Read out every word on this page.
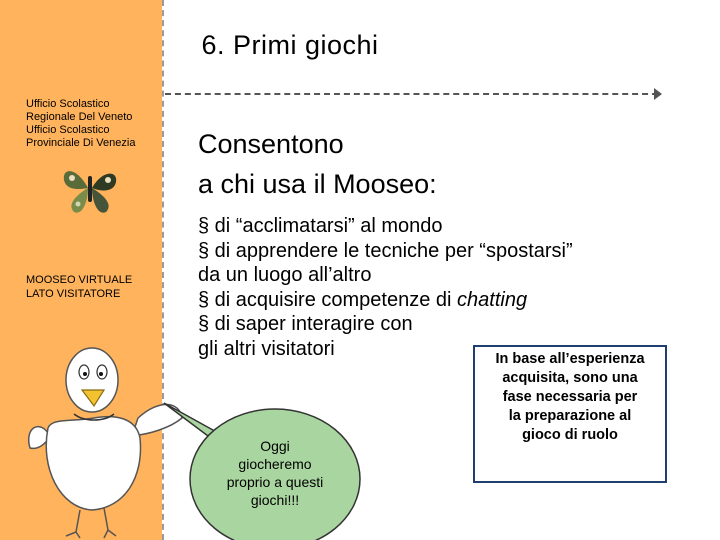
6. Primi giochi
Ufficio Scolastico
Regionale Del Veneto
Ufficio Scolastico
Provinciale Di Venezia
MOOSEO VIRTUALE
LATO VISITATORE
Consentono
a chi usa il Mooseo:
§ di “acclimatarsi” al mondo
§ di apprendere le tecniche per “spostarsi”
da un luogo all’altro
§ di acquisire competenze di chatting
§ di saper interagire con
gli altri visitatori
Oggi
giocheremo
proprio a questi
giochi!!!
In base all’esperienza
acquisita, sono una
fase necessaria per
la preparazione al
gioco di ruolo
